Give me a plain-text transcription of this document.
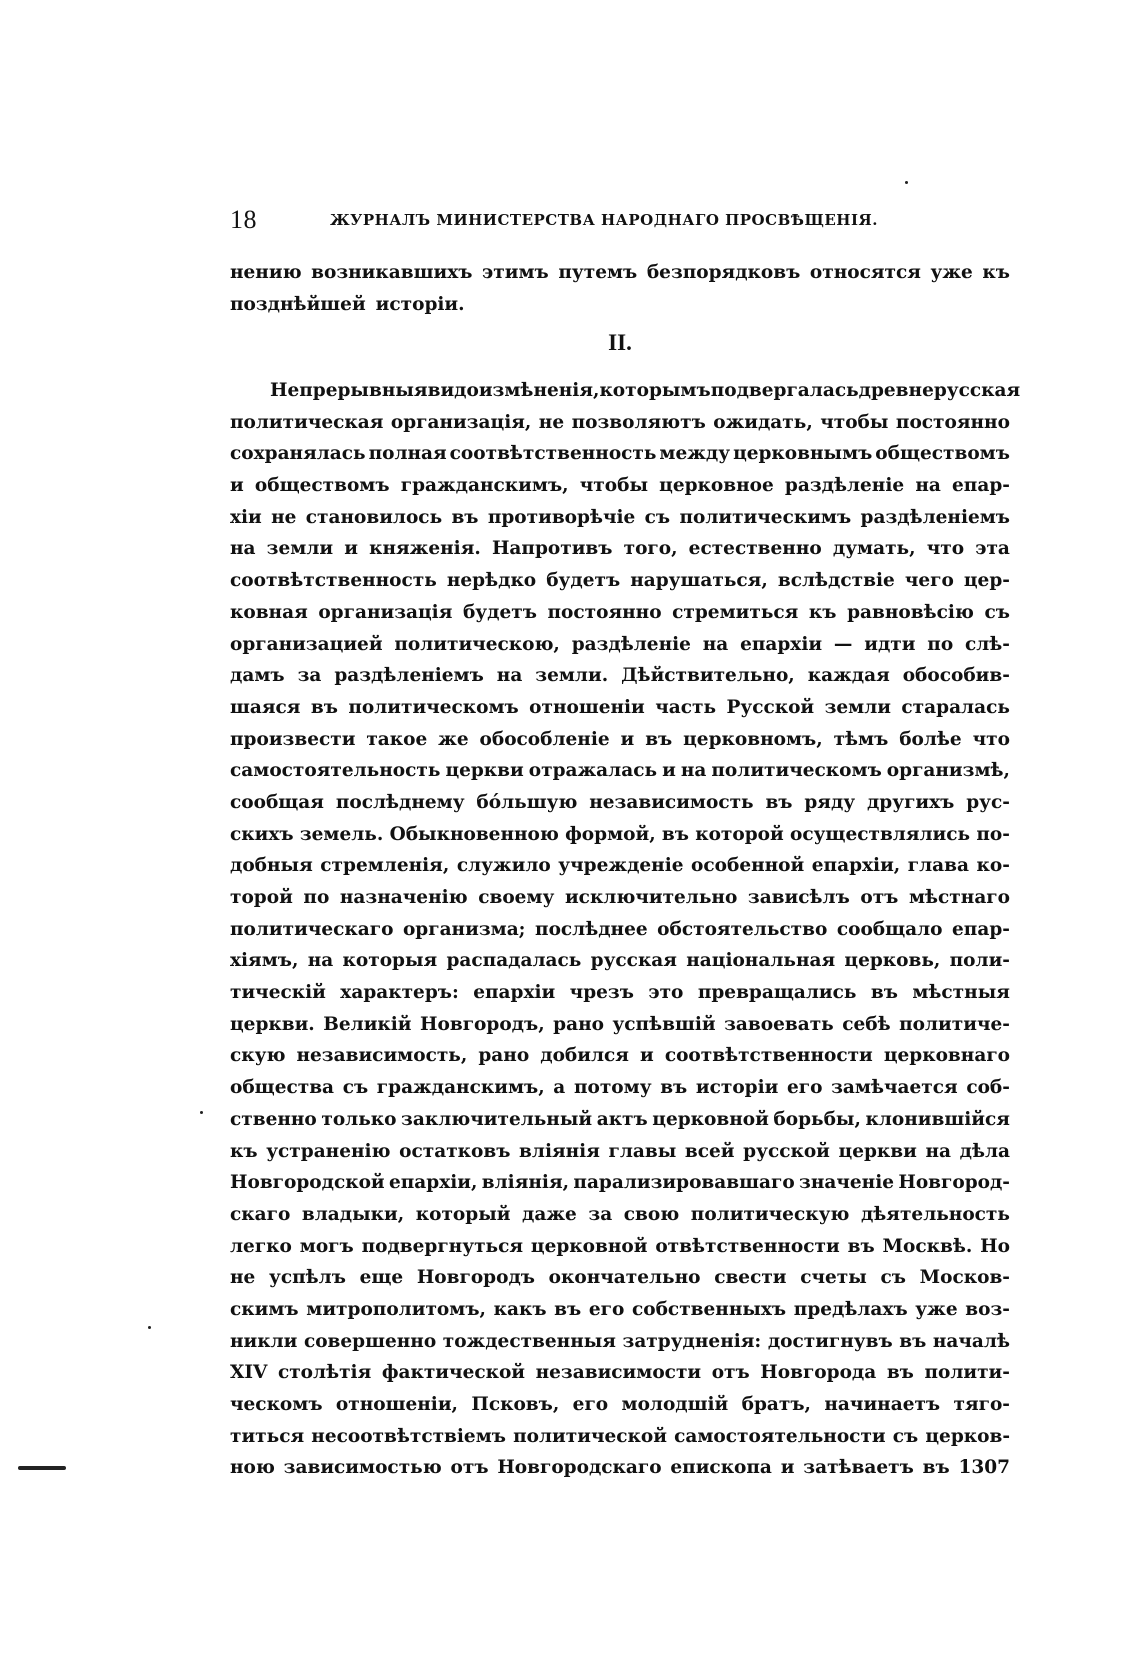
18	ЖУРНАЛЪ МИНИСТЕРСТВА НАРОДНАГО ПРОСВѢЩЕНІЯ.
нению возникавшихъ этимъ путемъ безпорядковъ относятся уже къ
позднѣйшей исторіи.
II.
Непрерывныя видоизмѣненія, которымъ подвергалась древнерусская
политическая организація, не позволяютъ ожидать, чтобы постоянно
сохранялась полная соотвѣтственность между церковнымъ обществомъ
и обществомъ гражданскимъ, чтобы церковное раздѣленіе на епар-
хіи не становилось въ противорѣчіе съ политическимъ раздѣленіемъ
на земли и княженія. Напротивъ того, естественно думать, что эта
соотвѣтственность нерѣдко будетъ нарушаться, вслѣдствіе чего цер-
ковная организація будетъ постоянно стремиться къ равновѣсію съ
организацией политическою, раздѣленіе на епархіи — идти по слѣ-
дамъ за раздѣленіемъ на земли. Дѣйствительно, каждая обособив-
шаяся въ политическомъ отношеніи часть Русской земли старалась
произвести такое же обособленіе и въ церковномъ, тѣмъ болѣе что
самостоятельность церкви отражалась и на политическомъ организмѣ,
сообщая послѣднему бо́льшую независимость въ ряду другихъ рус-
скихъ земель. Обыкновенною формой, въ которой осуществлялись по-
добныя стремленія, служило учрежденіе особенной епархіи, глава ко-
торой по назначенію своему исключительно зависѣлъ отъ мѣстнаго
политическаго организма; послѣднее обстоятельство сообщало епар-
хіямъ, на которыя распадалась русская національная церковь, поли-
тическій характеръ: епархіи чрезъ это превращались въ мѣстныя
церкви. Великій Новгородъ, рано успѣвшій завоевать себѣ политиче-
скую независимость, рано добился и соотвѣтственности церковнаго
общества съ гражданскимъ, а потому въ исторіи его замѣчается соб-
ственно только заключительный актъ церковной борьбы, клонившійся
къ устраненію остатковъ вліянія главы всей русской церкви на дѣла
Новгородской епархіи, вліянія, парализировавшаго значеніе Новгород-
скаго владыки, который даже за свою политическую дѣятельность
легко могъ подвергнуться церковной отвѣтственности въ Москвѣ. Но
не успѣлъ еще Новгородъ окончательно свести счеты съ Москов-
скимъ митрополитомъ, какъ въ его собственныхъ предѣлахъ уже воз-
никли совершенно тождественныя затрудненія: достигнувъ въ началѣ
XIV столѣтія фактической независимости отъ Новгорода въ полити-
ческомъ отношеніи, Псковъ, его молодшій братъ, начинаетъ тяго-
титься несоотвѣтствіемъ политической самостоятельности съ церков-
ною зависимостью отъ Новгородскаго епископа и затѣваетъ въ 1307
